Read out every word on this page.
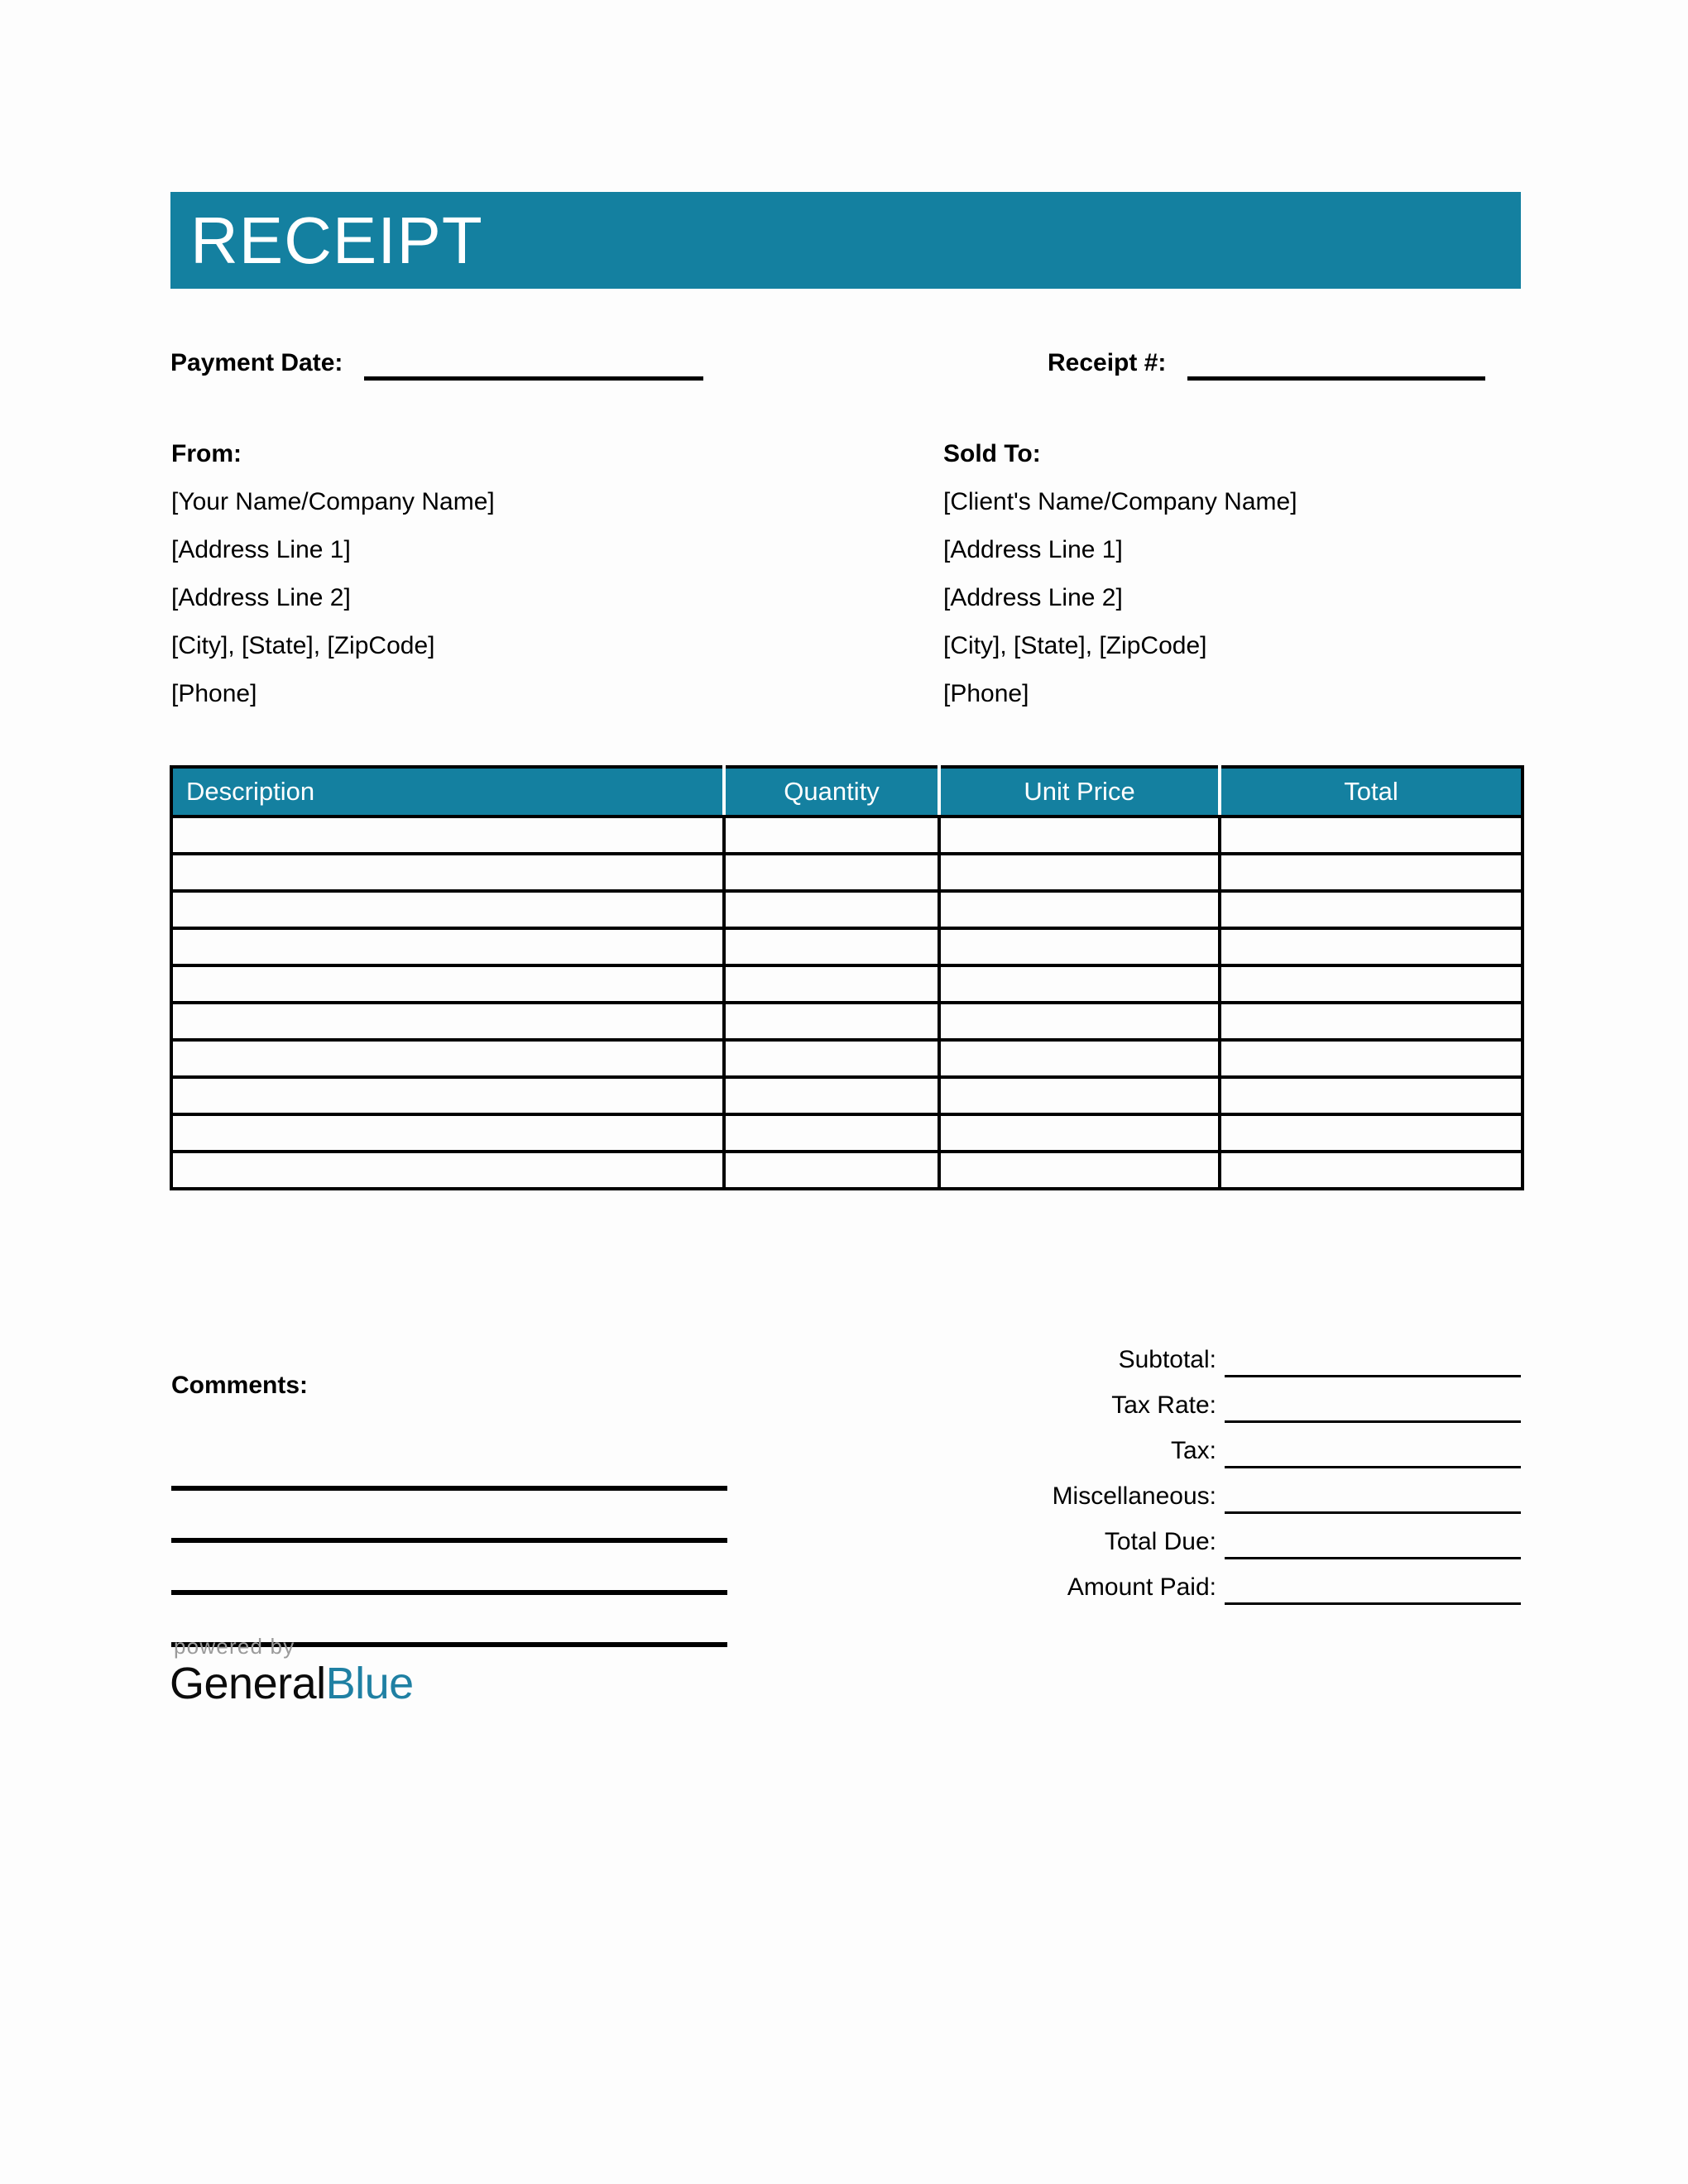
RECEIPT
Payment Date:	Receipt #:
From:
[Your Name/Company Name]
[Address Line 1]
[Address Line 2]
[City], [State], [ZipCode]
[Phone]
Sold To:
[Client's Name/Company Name]
[Address Line 1]
[Address Line 2]
[City], [State], [ZipCode]
[Phone]
Description	Quantity	Unit Price	Total

Comments:
Subtotal:
Tax Rate:
Tax:
Miscellaneous:
Total Due:
Amount Paid:
powered by
GeneralBlue
